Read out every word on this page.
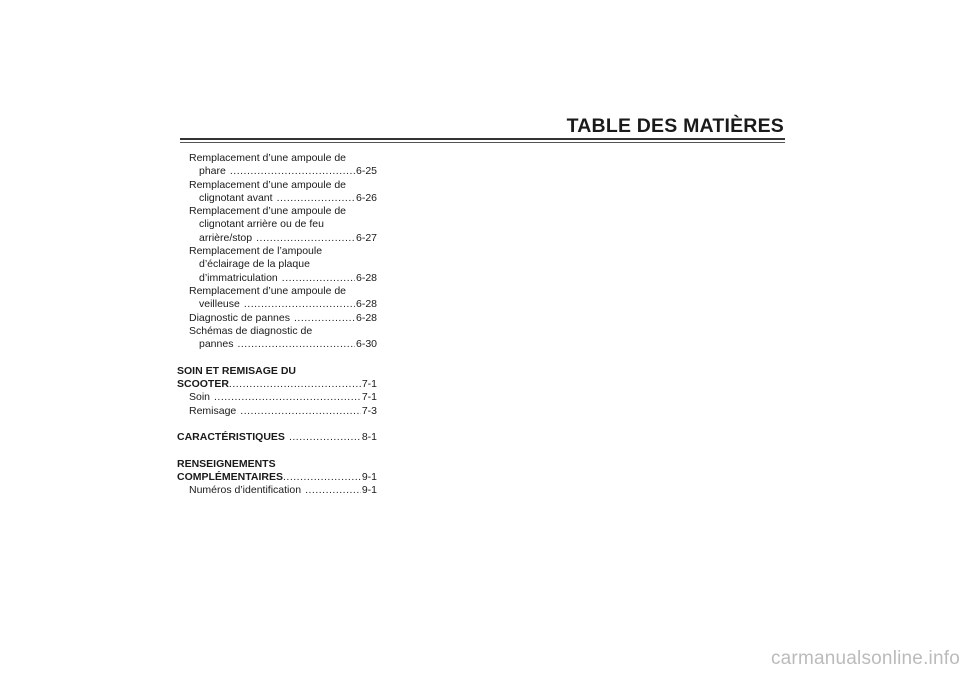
TABLE DES MATIÈRES
Remplacement d’une ampoule de
phare .....	6-25
Remplacement d’une ampoule de
clignotant avant .....	6-26
Remplacement d’une ampoule de
clignotant arrière ou de feu
arrière/stop .....	6-27
Remplacement de l’ampoule
d’éclairage de la plaque
d’immatriculation .....	6-28
Remplacement d’une ampoule de
veilleuse .....	6-28
Diagnostic de pannes .....	6-28
Schémas de diagnostic de
pannes .....	6-30
SOIN ET REMISAGE DU
SCOOTER .....	7-1
Soin .....	7-1
Remisage .....	7-3
CARACTÉRISTIQUES .....	8-1
RENSEIGNEMENTS
COMPLÉMENTAIRES .....	9-1
Numéros d’identification .....	9-1
carmanualsonline.info
